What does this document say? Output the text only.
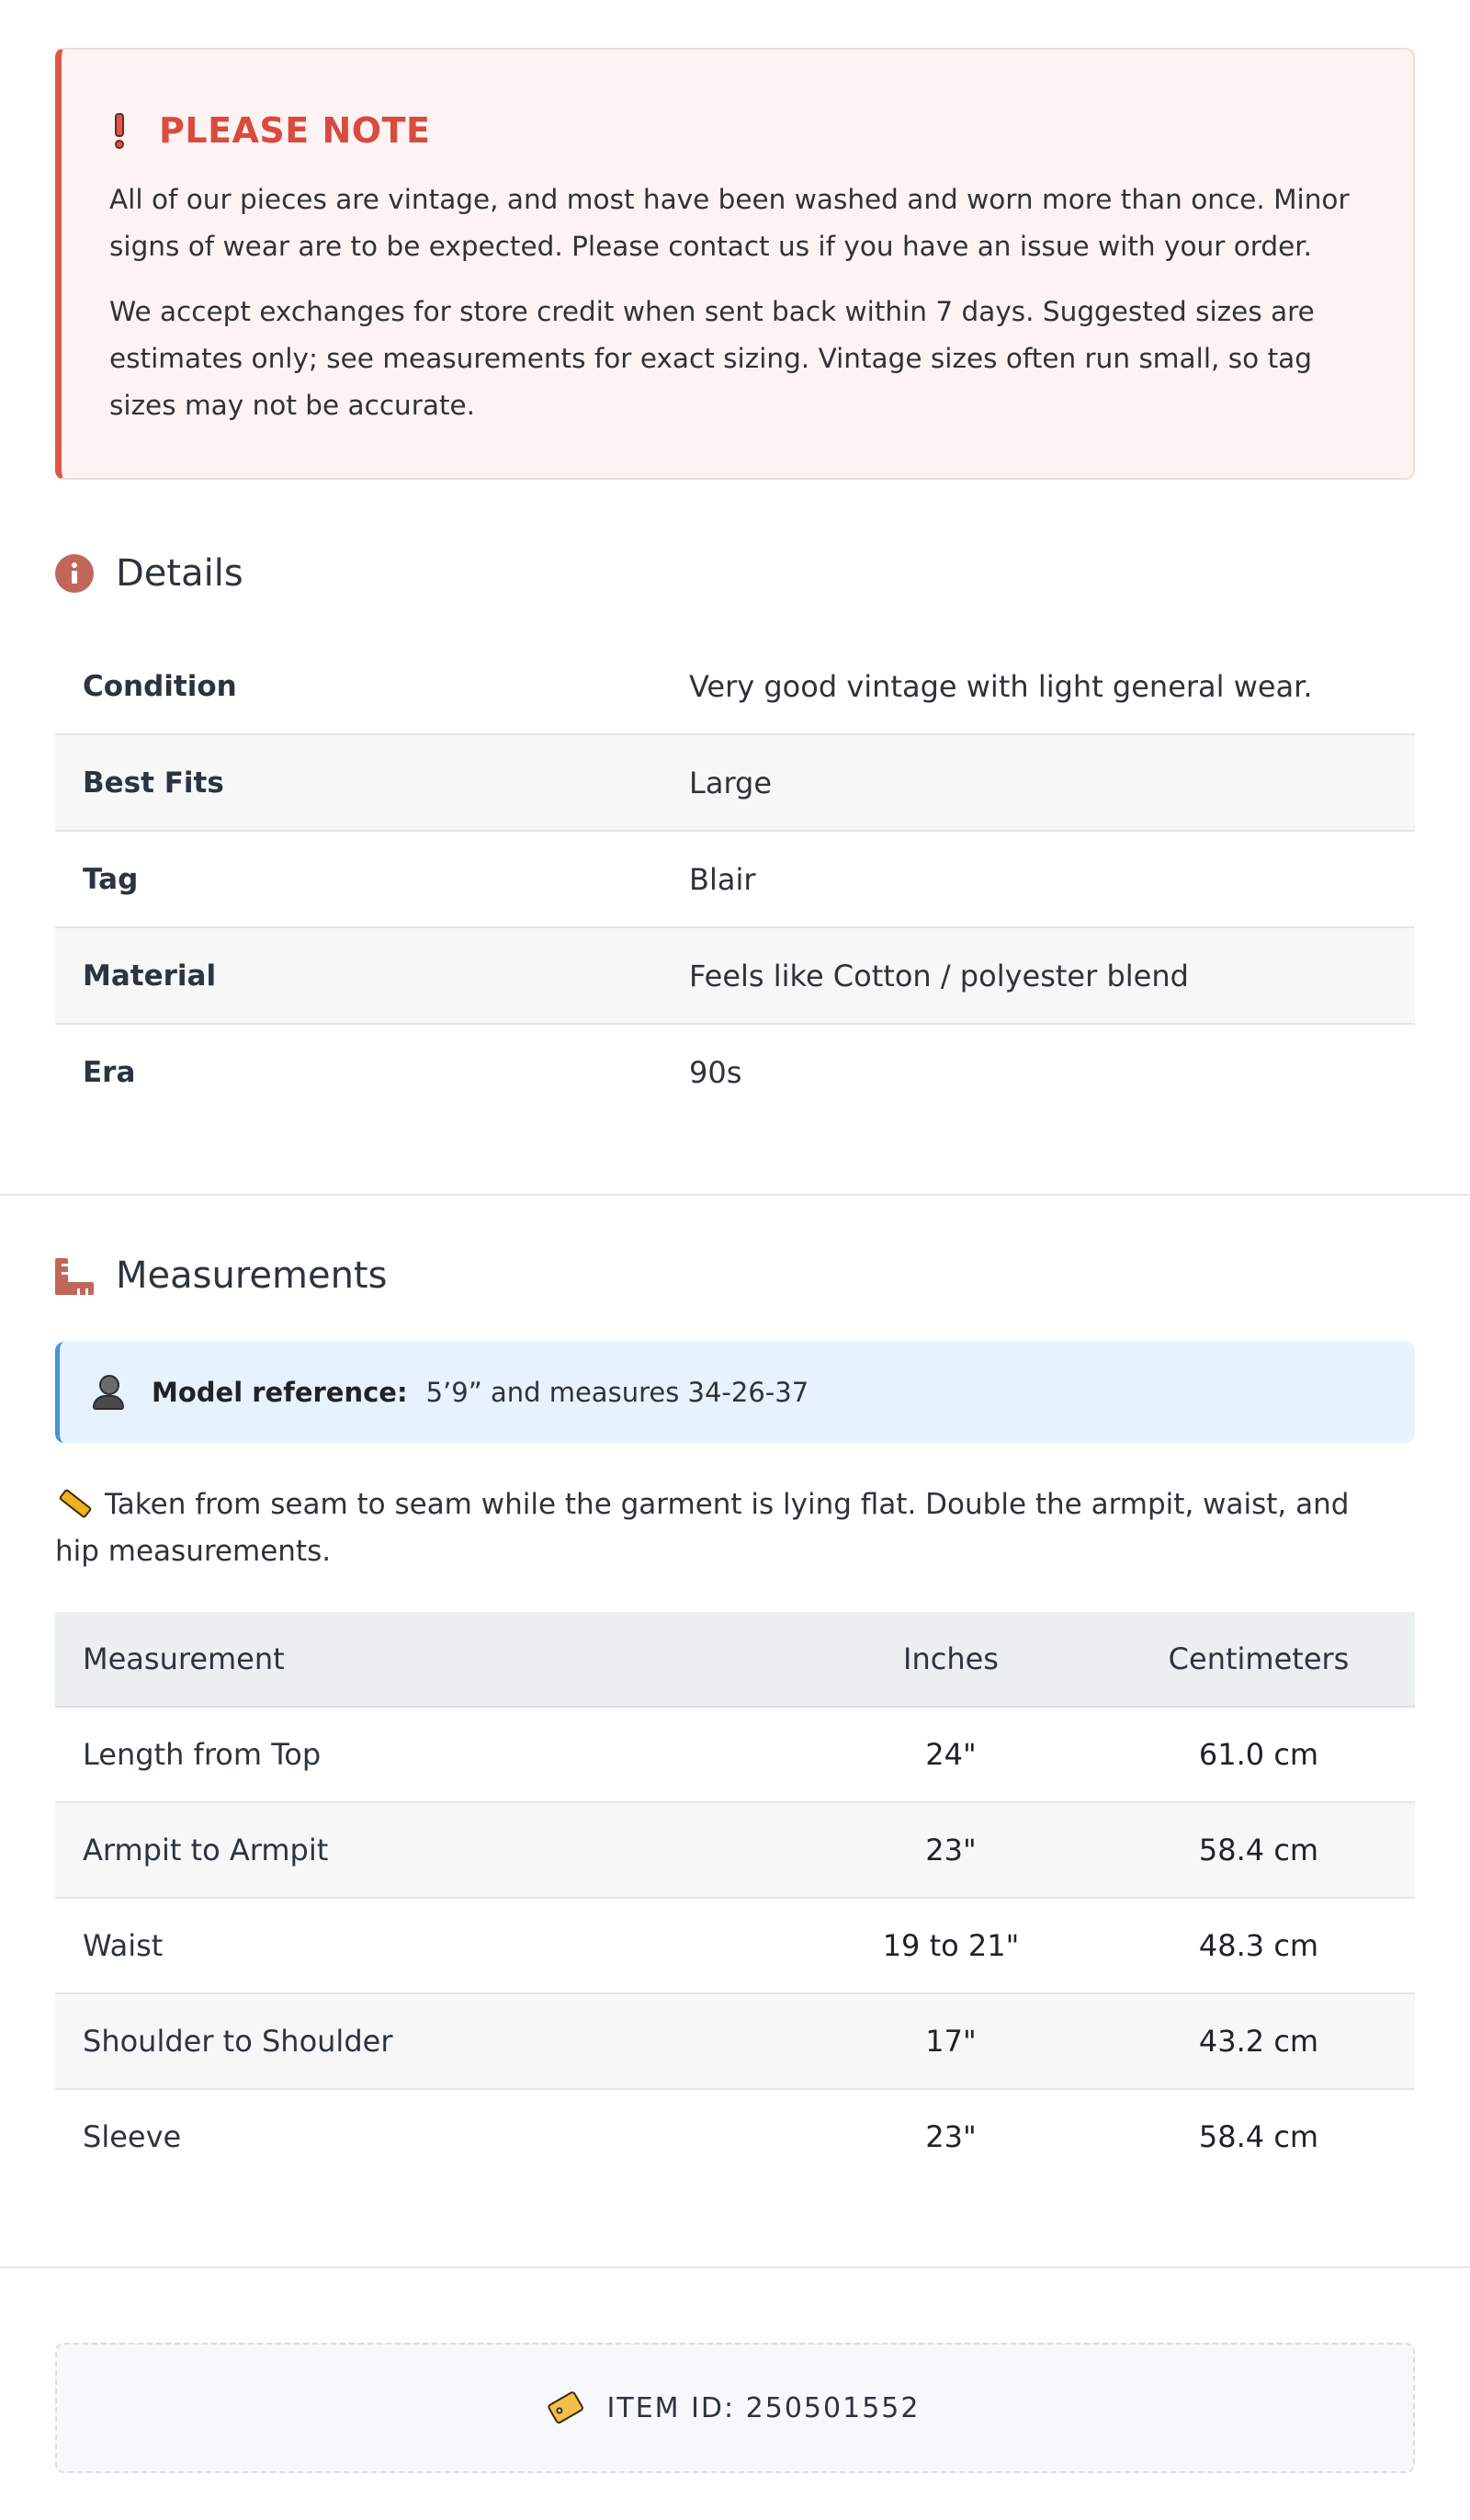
PLEASE NOTE

All of our pieces are vintage, and most have been washed and worn more than once. Minor signs of wear are to be expected. Please contact us if you have an issue with your order.

We accept exchanges for store credit when sent back within 7 days. Suggested sizes are estimates only; see measurements for exact sizing. Vintage sizes often run small, so tag sizes may not be accurate.

Details
Condition	Very good vintage with light general wear.
Best Fits	Large
Tag	Blair
Material	Feels like Cotton / polyester blend
Era	90s
Measurements
Model reference: 5’9” and measures 34-26-37
Taken from seam to seam while the garment is lying flat. Double the armpit, waist, and hip measurements.
Measurement	Inches	Centimeters
Length from Top	24"	61.0 cm
Armpit to Armpit	23"	58.4 cm
Waist	19 to 21"	48.3 cm
Shoulder to Shoulder	17"	43.2 cm
Sleeve	23"	58.4 cm
ITEM ID: 250501552
